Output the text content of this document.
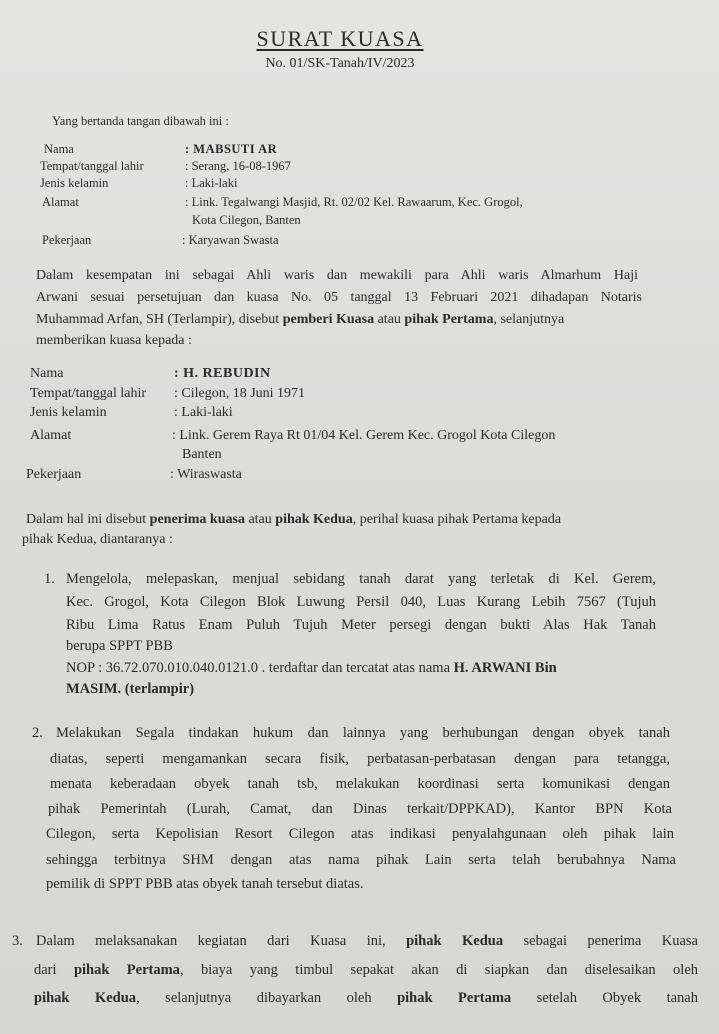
SURAT KUASA
No. 01/SK-Tanah/IV/2023
Yang bertanda tangan dibawah ini :
Nama	: MABSUTI AR
Tempat/tanggal lahir	: Serang, 16-08-1967
Jenis kelamin	: Laki-laki
Alamat	: Link. Tegalwangi Masjid, Rt. 02/02 Kel. Rawaarum, Kec. Grogol,
Kota Cilegon, Banten
Pekerjaan	: Karyawan Swasta
Dalam kesempatan ini sebagai Ahli waris dan mewakili para Ahli waris Almarhum Haji
Arwani sesuai persetujuan dan kuasa No. 05 tanggal 13 Februari 2021 dihadapan Notaris
Muhammad Arfan, SH (Terlampir), disebut pemberi Kuasa atau pihak Pertama, selanjutnya
memberikan kuasa kepada :
Nama	: H. REBUDIN
Tempat/tanggal lahir : Cilegon, 18 Juni 1971
Jenis kelamin	: Laki-laki
Alamat	: Link. Gerem Raya Rt 01/04 Kel. Gerem Kec. Grogol Kota Cilegon
Banten
Pekerjaan	: Wiraswasta
Dalam hal ini disebut penerima kuasa atau pihak Kedua, perihal kuasa pihak Pertama kepada
pihak Kedua, diantaranya :
1. Mengelola, melepaskan, menjual sebidang tanah darat yang terletak di Kel. Gerem,
Kec. Grogol, Kota Cilegon Blok Luwung Persil 040, Luas Kurang Lebih 7567 (Tujuh
Ribu Lima Ratus Enam Puluh Tujuh Meter persegi dengan bukti Alas Hak Tanah
berupa SPPT PBB
NOP : 36.72.070.010.040.0121.0 . terdaftar dan tercatat atas nama H. ARWANI Bin
MASIM. (terlampir)
2. Melakukan Segala tindakan hukum dan lainnya yang berhubungan dengan obyek tanah
diatas, seperti mengamankan secara fisik, perbatasan-perbatasan dengan para tetangga,
menata keberadaan obyek tanah tsb, melakukan koordinasi serta komunikasi dengan
pihak Pemerintah (Lurah, Camat, dan Dinas terkait/DPPKAD), Kantor BPN Kota
Cilegon, serta Kepolisian Resort Cilegon atas indikasi penyalahgunaan oleh pihak lain
sehingga terbitnya SHM dengan atas nama pihak Lain serta telah berubahnya Nama
pemilik di SPPT PBB atas obyek tanah tersebut diatas.
3. Dalam melaksanakan kegiatan dari Kuasa ini, pihak Kedua sebagai penerima Kuasa
dari pihak Pertama, biaya yang timbul sepakat akan di siapkan dan diselesaikan oleh
pihak Kedua, selanjutnya dibayarkan oleh pihak Pertama setelah Obyek tanah
